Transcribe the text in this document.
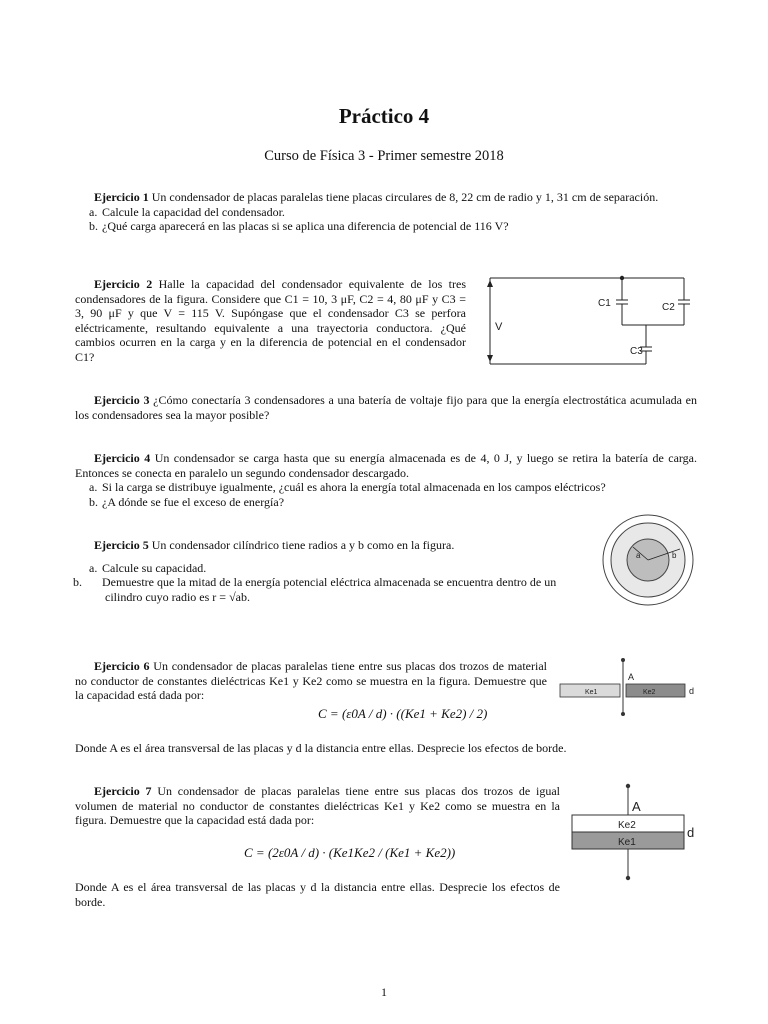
Práctico 4
Curso de Física 3 - Primer semestre 2018
Ejercicio 1 Un condensador de placas paralelas tiene placas circulares de 8, 22 cm de radio y 1, 31 cm de separación.
a. Calcule la capacidad del condensador.
b. ¿Qué carga aparecerá en las placas si se aplica una diferencia de potencial de 116 V?
Ejercicio 2 Halle la capacidad del condensador equivalente de los tres condensadores de la figura. Considere que C1 = 10, 3 μF, C2 = 4, 80 μF y C3 = 3, 90 μF y que V = 115 V. Supóngase que el condensador C3 se perfora eléctricamente, resultando equivalente a una trayectoria conductora. ¿Qué cambios ocurren en la carga y en la diferencia de potencial en el condensador C1?
V
C1	C2
C3
Ejercicio 3 ¿Cómo conectaría 3 condensadores a una batería de voltaje fijo para que la energía electrostática acumulada en los condensadores sea la mayor posible?
Ejercicio 4 Un condensador se carga hasta que su energía almacenada es de 4, 0 J, y luego se retira la batería de carga. Entonces se conecta en paralelo un segundo condensador descargado.
a. Si la carga se distribuye igualmente, ¿cuál es ahora la energía total almacenada en los campos eléctricos?
b. ¿A dónde se fue el exceso de energía?
Ejercicio 5 Un condensador cilíndrico tiene radios a y b como en la figura.
a. Calcule su capacidad.
b. Demuestre que la mitad de la energía potencial eléctrica almacenada se encuentra dentro de un cilindro cuyo radio es r = √ab.
a	b
Ejercicio 6 Un condensador de placas paralelas tiene entre sus placas dos trozos de material no conductor de constantes dieléctricas Ke1 y Ke2 como se muestra en la figura. Demuestre que la capacidad está dada por:
C = (ε0A / d) · ((Ke1 + Ke2) / 2)
Donde A es el área transversal de las placas y d la distancia entre ellas. Desprecie los efectos de borde.
A
Ke1	Ke2	d
Ejercicio 7 Un condensador de placas paralelas tiene entre sus placas dos trozos de igual volumen de material no conductor de constantes dieléctricas Ke1 y Ke2 como se muestra en la figura. Demuestre que la capacidad está dada por:
C = (2ε0A / d) · (Ke1Ke2 / (Ke1 + Ke2))
Donde A es el área transversal de las placas y d la distancia entre ellas. Desprecie los efectos de borde.
A
Ke2
Ke1
d
1
